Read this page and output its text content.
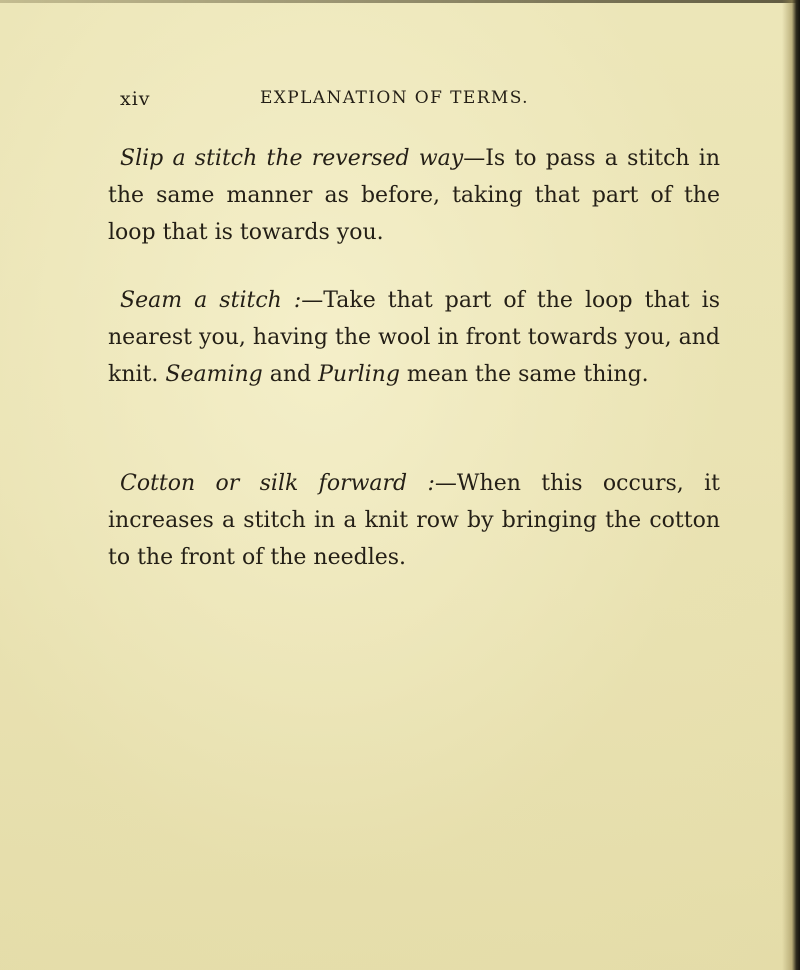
xiv	EXPLANATION OF TERMS.

Slip a stitch the reversed way—Is to pass a stitch in the same manner as before, taking that part of the loop that is towards you.

Seam a stitch :—Take that part of the loop that is nearest you, having the wool in front towards you, and knit. Seaming and Purling mean the same thing.

Cotton or silk forward :—When this occurs, it increases a stitch in a knit row by bringing the cotton to the front of the needles.
